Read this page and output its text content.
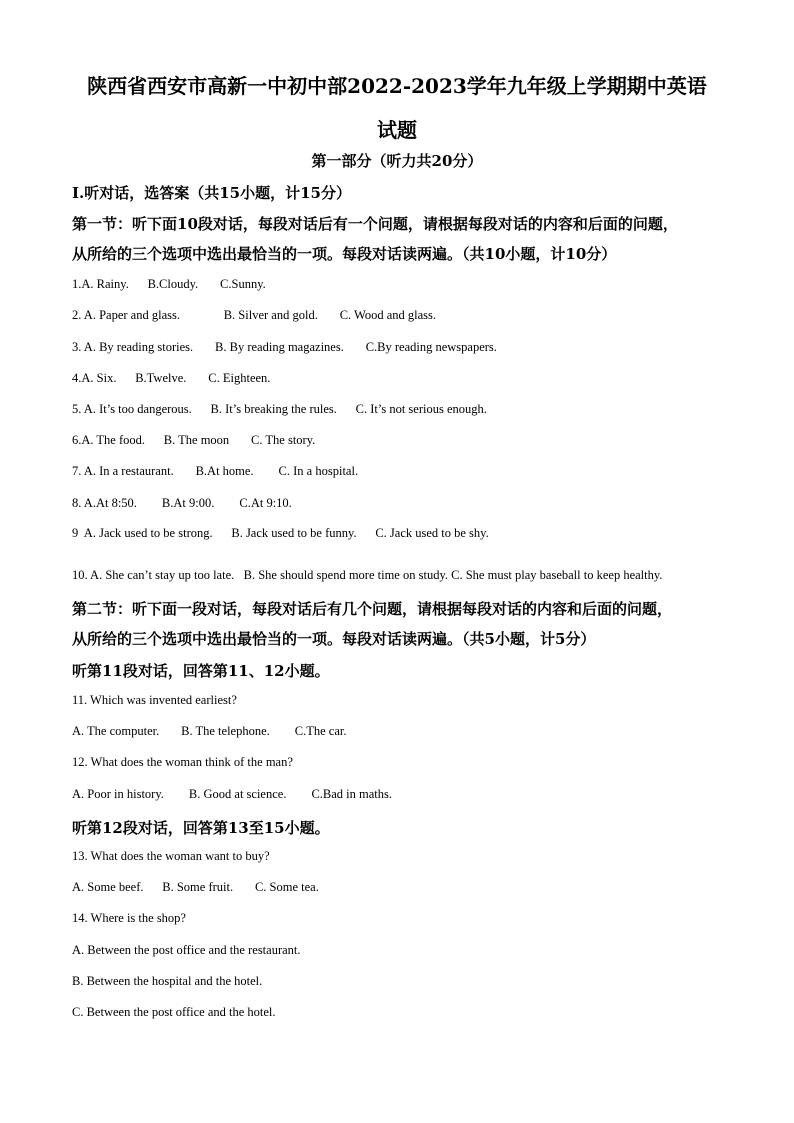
陕西省西安市高新一中初中部2022-2023学年九年级上学期期中英语
试题
第一部分（听力共20分）
I.听对话，选答案（共15小题，计15分）
第一节：听下面10段对话，每段对话后有一个问题，请根据每段对话的内容和后面的问题，
从所给的三个选项中选出最恰当的一项。每段对话读两遍。（共10小题，计10分）
1.A. Rainy.      B.Cloudy.       C.Sunny.
2. A. Paper and glass.              B. Silver and gold.       C. Wood and glass.
3. A. By reading stories.       B. By reading magazines.       C.By reading newspapers.
4.A. Six.      B.Twelve.       C. Eighteen.
5. A. It’s too dangerous.      B. It’s breaking the rules.      C. It’s not serious enough.
6.A. The food.      B. The moon       C. The story.
7. A. In a restaurant.       B.At home.        C. In a hospital.
8. A.At 8:50.        B.At 9:00.        C.At 9:10.
9  A. Jack used to be strong.      B. Jack used to be funny.      C. Jack used to be shy.
10. A. She can’t stay up too late.   B. She should spend more time on study. C. She must play baseball to keep healthy.
第二节：听下面一段对话，每段对话后有几个问题，请根据每段对话的内容和后面的问题，
从所给的三个选项中选出最恰当的一项。每段对话读两遍。（共5小题，计5分）
听第11段对话，回答第11、12小题。
11. Which was invented earliest?
A. The computer.       B. The telephone.        C.The car.
12. What does the woman think of the man?
A. Poor in history.        B. Good at science.        C.Bad in maths.
听第12段对话，回答第13至15小题。
13. What does the woman want to buy?
A. Some beef.      B. Some fruit.       C. Some tea.
14. Where is the shop?
A. Between the post office and the restaurant.
B. Between the hospital and the hotel.
C. Between the post office and the hotel.
